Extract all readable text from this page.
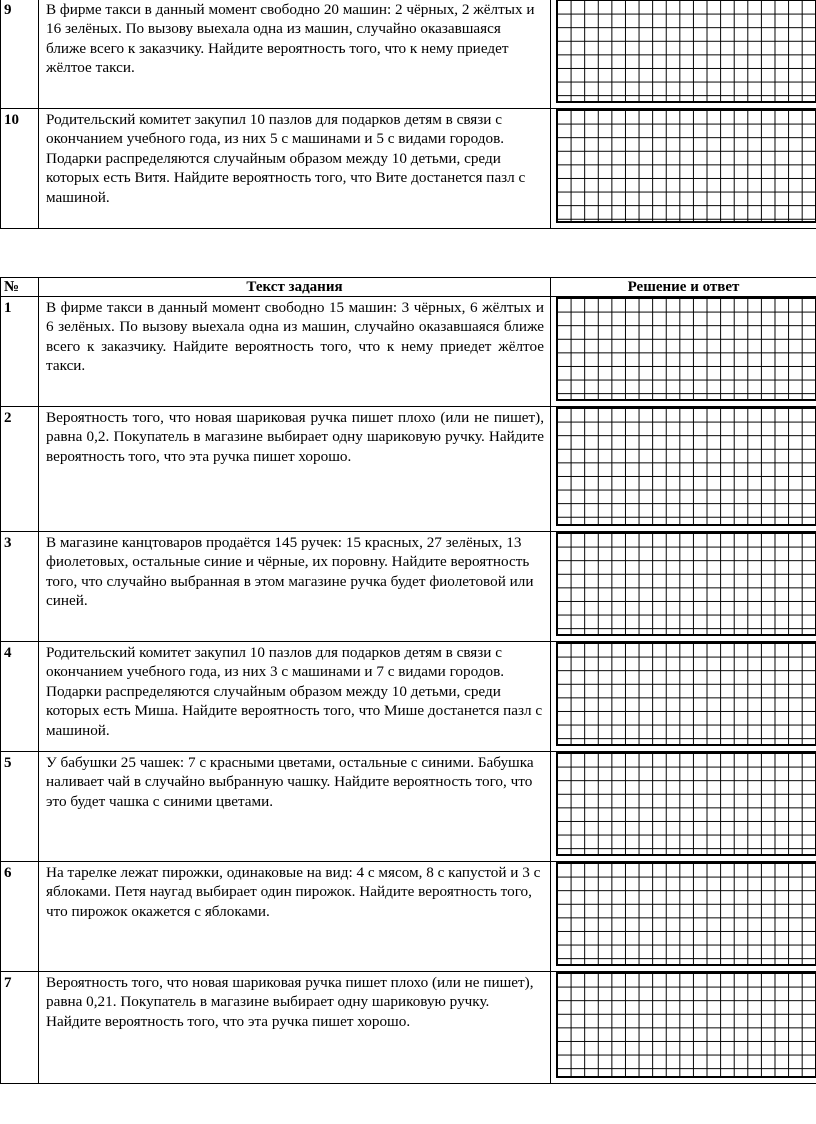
9	В фирме такси в данный момент свободно 20 машин: 2 чёрных, 2 жёлтых и 16 зелёных. По вызову выехала одна из машин, случайно оказавшаяся ближе всего к заказчику. Найдите вероятность того, что к нему приедет жёлтое такси.	

10	Родительский комитет закупил 10 пазлов для подарков детям в связи с окончанием учебного года, из них 5 с машинами и 5 с видами городов. Подарки распределяются случайным образом между 10 детьми, среди которых есть Витя. Найдите вероятность того, что Вите достанется пазл с машиной.	

№	Текст задания	Решение и ответ

1	В фирме такси в данный момент свободно 15 машин: 3 чёрных, 6 жёлтых и 6 зелёных. По вызову выехала одна из машин, случайно оказавшаяся ближе всего к заказчику. Найдите вероятность того, что к нему приедет жёлтое такси.	

2	Вероятность того, что новая шариковая ручка пишет плохо (или не пишет), равна 0,2. Покупатель в магазине выбирает одну шариковую ручку. Найдите вероятность того, что эта ручка пишет хорошо.	

3	В магазине канцтоваров продаётся 145 ручек: 15 красных, 27 зелёных, 13 фиолетовых, остальные синие и чёрные, их поровну. Найдите вероятность того, что случайно выбранная в этом магазине ручка будет фиолетовой или синей.	

4	Родительский комитет закупил 10 пазлов для подарков детям в связи с окончанием учебного года, из них 3 с машинами и 7 с видами городов. Подарки распределяются случайным образом между 10 детьми, среди которых есть Миша. Найдите вероятность того, что Мише достанется пазл с машиной.	

5	У бабушки 25 чашек: 7 с красными цветами, остальные с синими. Бабушка наливает чай в случайно выбранную чашку. Найдите вероятность того, что это будет чашка с синими цветами.	

6	На тарелке лежат пирожки, одинаковые на вид: 4 с мясом, 8 с капустой и 3 с яблоками. Петя наугад выбирает один пирожок. Найдите вероятность того, что пирожок окажется с яблоками.	

7	Вероятность того, что новая шариковая ручка пишет плохо (или не пишет), равна 0,21. Покупатель в магазине выбирает одну шариковую ручку. Найдите вероятность того, что эта ручка пишет хорошо.	
